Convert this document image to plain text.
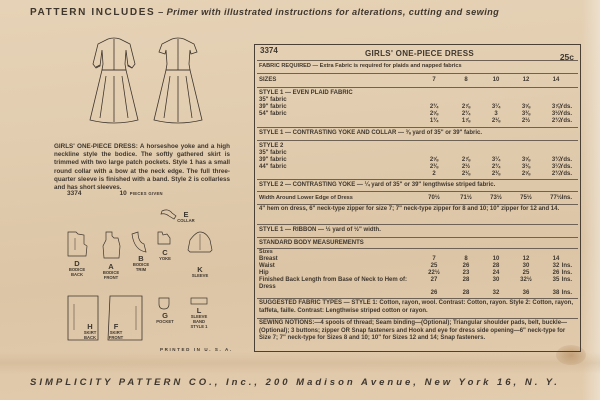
PATTERN INCLUDES – Primer with illustrated instructions for alterations, cutting and sewing
GIRLS' ONE-PIECE DRESS: A horseshoe yoke and a high neckline style the bodice. The softly gathered skirt is trimmed with two large patch pockets. Style 1 has a small round collar with a bow at the neck edge. The full three-quarter sleeve is finished with a band. Style 2 is collarless and has short sleeves.
3374	10 PIECES GIVEN
E
COLLAR
D
BODICE BACK
A
BODICE FRONT
B
BODICE TRIM
C
YOKE
K
SLEEVE
H
SKIRT BACK
F
SKIRT FRONT
G
POCKET
L
SLEEVE BAND STYLE 1
PRINTED IN U. S. A.
3374	GIRLS' ONE-PIECE DRESS	25c
FABRIC REQUIRED — Extra Fabric is required for plaids and napped fabrics
SIZES	7	8	10	12	14
STYLE 1 — EVEN PLAID FABRIC
35" fabric
39" fabric	2¾	2⅞	3¼	3⅝	3⅞ Yds.
54" fabric	2⅝	2¾	3	3⅜	3½ Yds.
1¾	1⅞	2⅛	2½	2¾ Yds.
STYLE 1 — CONTRASTING YOKE AND COLLAR — ⅜ yard of 35" or 39" fabric.
STYLE 2
35" fabric
39" fabric	2⅝	2⅞	3¼	3⅝	3¾ Yds.
44" fabric	2⅜	2½	2¾	3⅛	3¼ Yds.
2	2⅛	2⅜	2⅝	2¾ Yds.
STYLE 2 — CONTRASTING YOKE — ¼ yard of 35" or 39" lengthwise striped fabric.
Width Around Lower Edge of Dress	70½	71½	73½	75½	77½ Ins.
4" hem on dress, 6" neck-type zipper for size 7; 7" neck-type zipper for 8 and 10; 10" zipper for 12 and 14.
STYLE 1 — RIBBON — ½ yard of ½" width.
STANDARD BODY MEASUREMENTS
Sizes
Breast	7	8	10	12	14
Waist	25	26	28	30	32 Ins.
Hip	22½	23	24	25	26 Ins.
Finished Back Length from Base of Neck to Hem of:	27	28	30	32½	35 Ins.
Dress
26	28	32	36	38 Ins.
SUGGESTED FABRIC TYPES — STYLE 1: Cotton, rayon, wool. Contrast: Cotton, rayon. Style 2: Cotton, rayon, taffeta, faille. Contrast: Lengthwise striped cotton or rayon.
SEWING NOTIONS:—4 spools of thread; Seam binding—(Optional); Triangular shoulder pads, belt, buckle—(Optional); 3 buttons; zipper OR Snap fasteners and Hook and eye for dress side opening—6" neck-type for Size 7; 7" neck-type for Sizes 8 and 10; 10" for Sizes 12 and 14; Snap fasteners.
SIMPLICITY PATTERN CO., Inc., 200 Madison Avenue, New York 16, N. Y.
